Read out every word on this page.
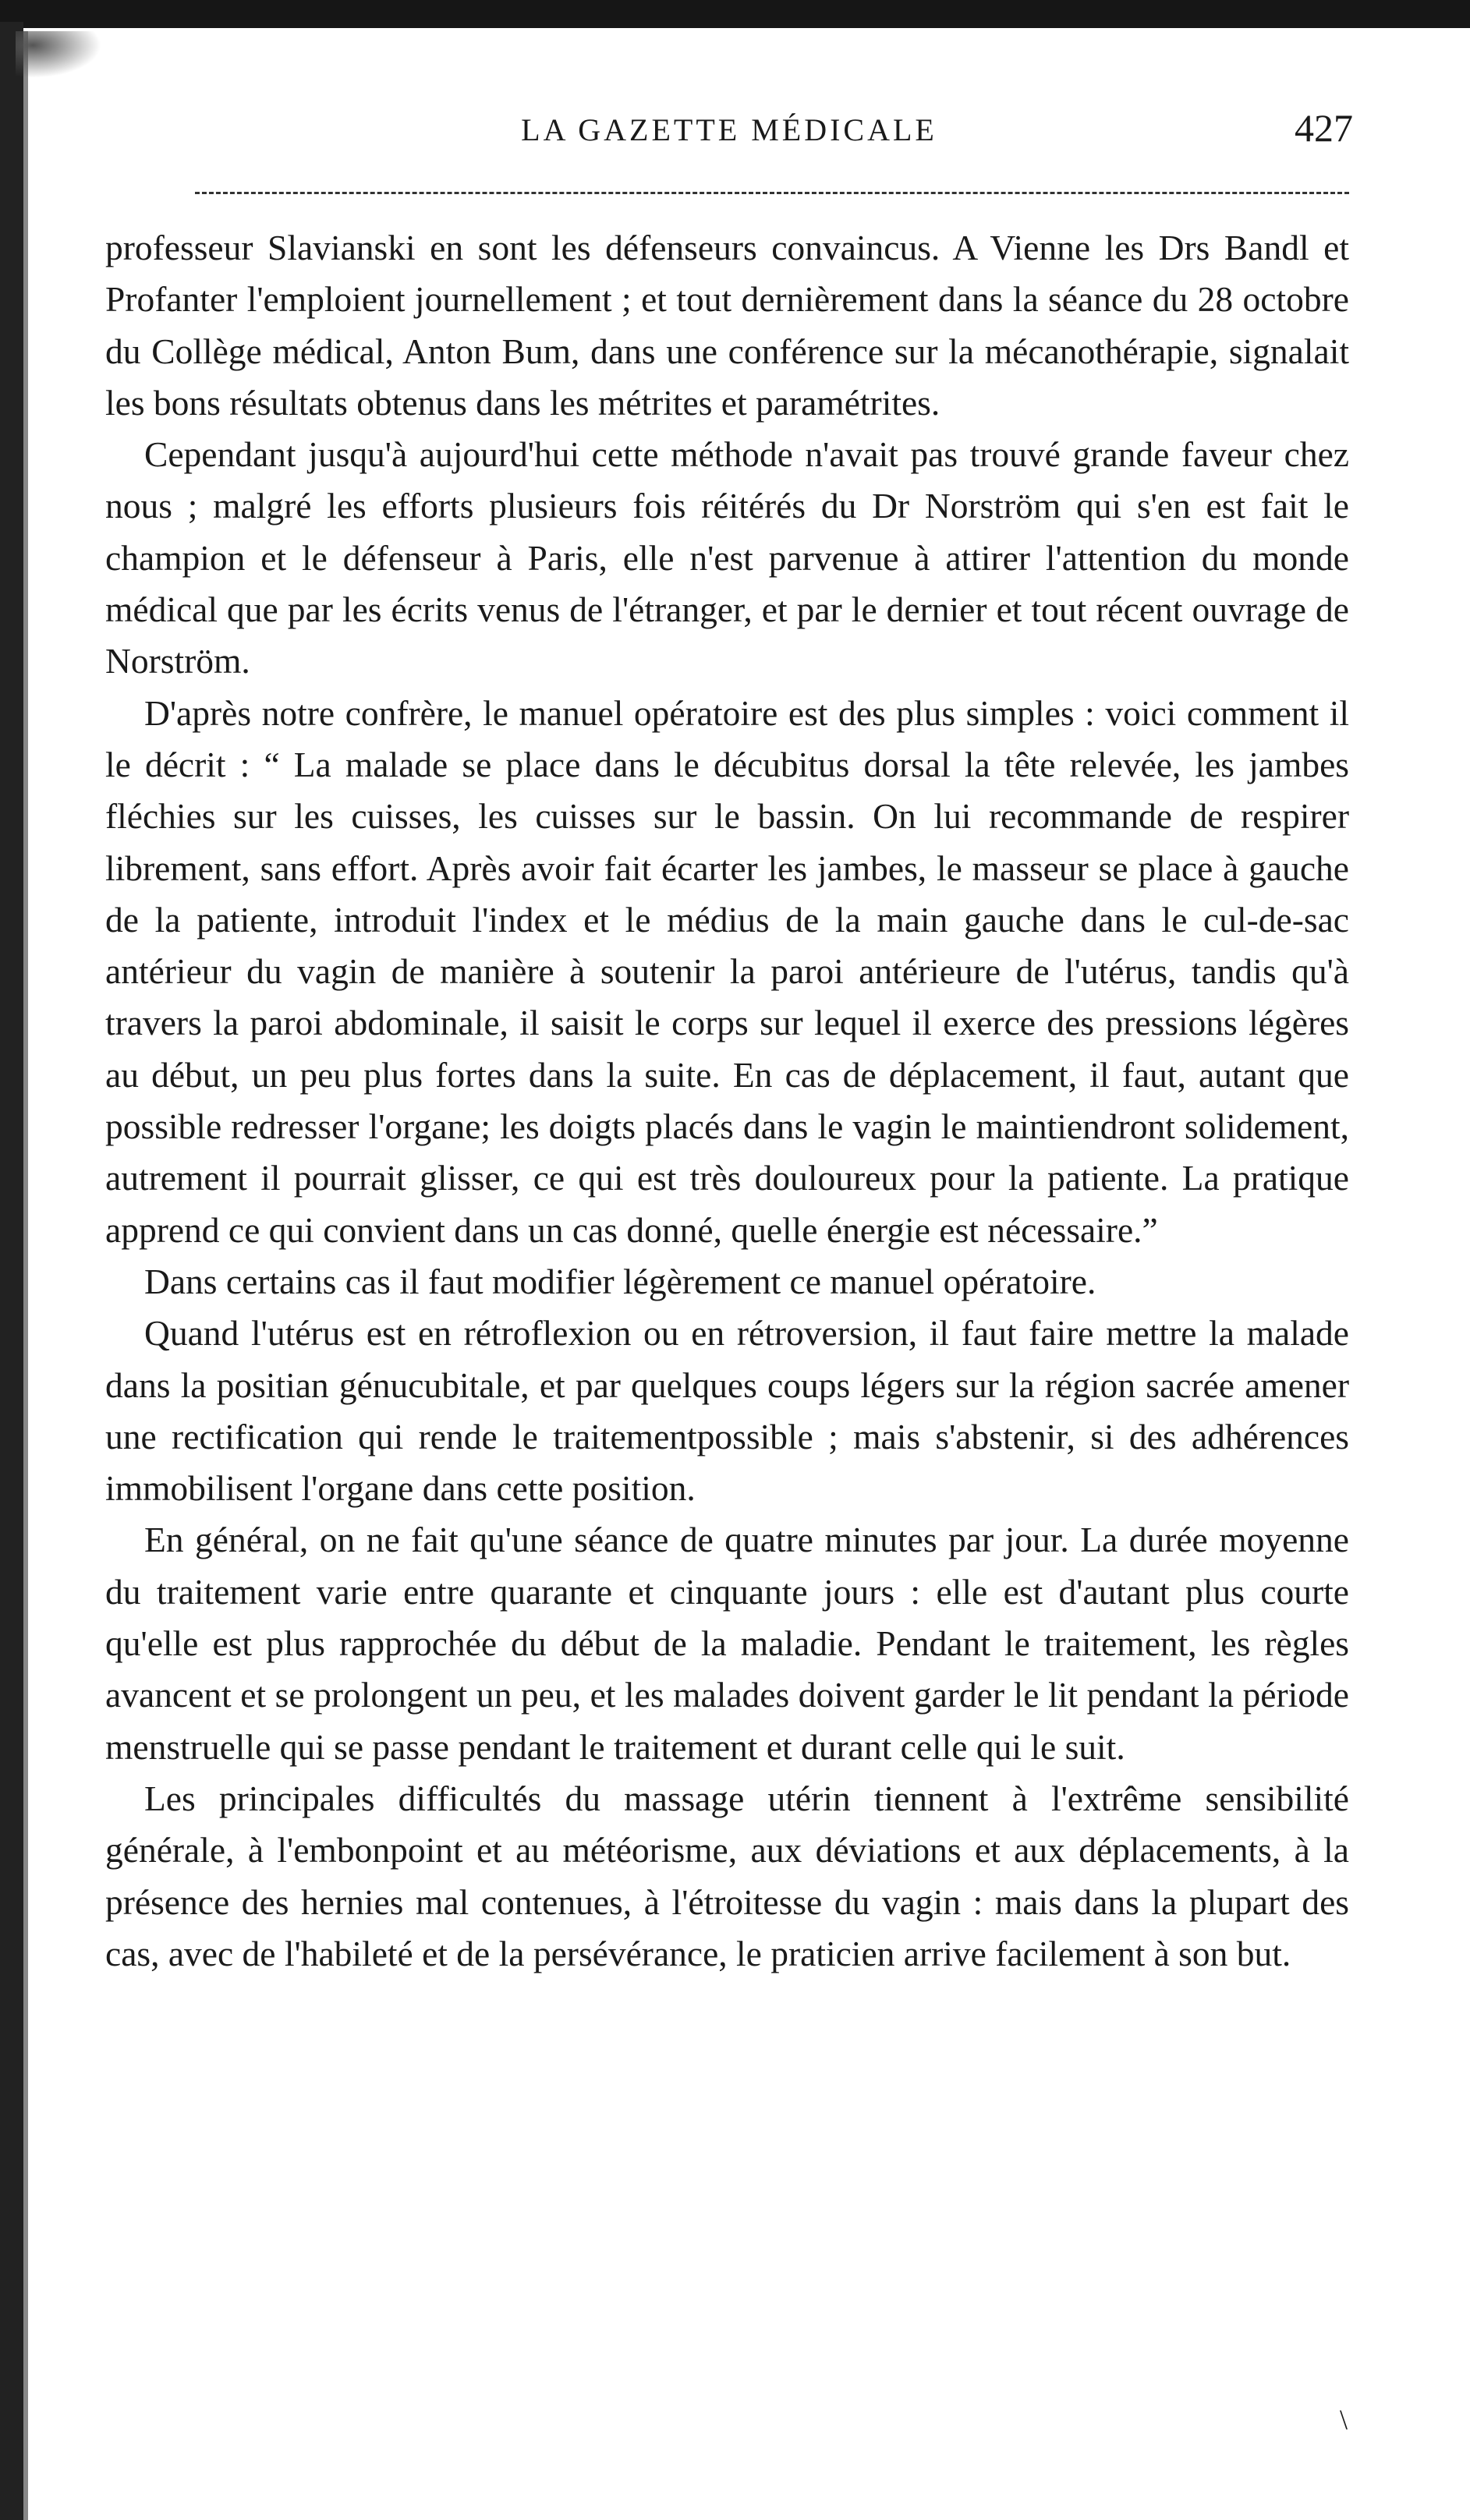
LA GAZETTE MÉDICALE	427

professeur Slavianski en sont les défenseurs convaincus. A Vienne les Drs Bandl et Profanter l'emploient journellement ; et tout dernièrement dans la séance du 28 octobre du Collège médical, Anton Bum, dans une conférence sur la mécanothérapie, signalait les bons résultats obtenus dans les métrites et paramétrites.

Cependant jusqu'à aujourd'hui cette méthode n'avait pas trouvé grande faveur chez nous ; malgré les efforts plusieurs fois réitérés du Dr Norström qui s'en est fait le champion et le défenseur à Paris, elle n'est parvenue à attirer l'attention du monde médical que par les écrits venus de l'étranger, et par le dernier et tout récent ouvrage de Norström.

D'après notre confrère, le manuel opératoire est des plus simples : voici comment il le décrit : “ La malade se place dans le décubitus dorsal la tête relevée, les jambes fléchies sur les cuisses, les cuisses sur le bassin. On lui recommande de respirer librement, sans effort. Après avoir fait écarter les jambes, le masseur se place à gauche de la patiente, introduit l'index et le médius de la main gauche dans le cul-de-sac antérieur du vagin de manière à soutenir la paroi antérieure de l'utérus, tandis qu'à travers la paroi abdominale, il saisit le corps sur lequel il exerce des pressions légères au début, un peu plus fortes dans la suite. En cas de déplacement, il faut, autant que possible redresser l'organe; les doigts placés dans le vagin le maintiendront solidement, autrement il pourrait glisser, ce qui est très douloureux pour la patiente. La pratique apprend ce qui convient dans un cas donné, quelle énergie est nécessaire.”

Dans certains cas il faut modifier légèrement ce manuel opératoire.

Quand l'utérus est en rétroflexion ou en rétroversion, il faut faire mettre la malade dans la positian génucubitale, et par quelques coups légers sur la région sacrée amener une rectification qui rende le traitementpossible ; mais s'abstenir, si des adhérences immobilisent l'organe dans cette position.

En général, on ne fait qu'une séance de quatre minutes par jour. La durée moyenne du traitement varie entre quarante et cinquante jours : elle est d'autant plus courte qu'elle est plus rapprochée du début de la maladie. Pendant le traitement, les règles avancent et se prolongent un peu, et les malades doivent garder le lit pendant la période menstruelle qui se passe pendant le traitement et durant celle qui le suit.

Les principales difficultés du massage utérin tiennent à l'extrême sensibilité générale, à l'embonpoint et au météorisme, aux déviations et aux déplacements, à la présence des hernies mal contenues, à l'étroitesse du vagin : mais dans la plupart des cas, avec de l'habileté et de la persévérance, le praticien arrive facilement à son but.

\
